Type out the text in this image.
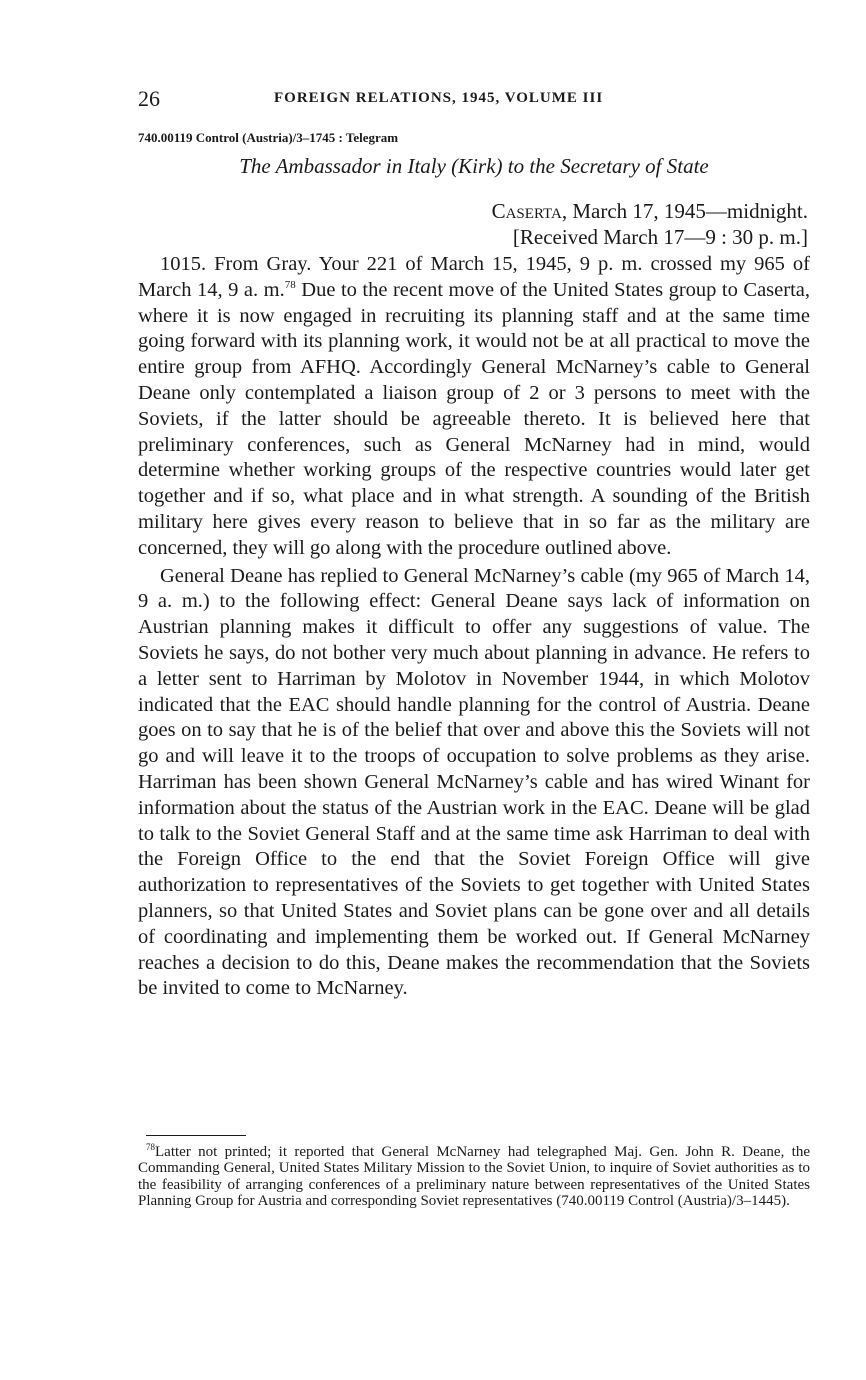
26	FOREIGN RELATIONS, 1945, VOLUME III
740.00119 Control (Austria)/3–1745 : Telegram
The Ambassador in Italy (Kirk) to the Secretary of State
Caserta, March 17, 1945—midnight.
[Received March 17—9 : 30 p. m.]

1015. From Gray. Your 221 of March 15, 1945, 9 p. m. crossed my 965 of March 14, 9 a. m.$^{78}$ Due to the recent move of the United States group to Caserta, where it is now engaged in recruiting its planning staff and at the same time going forward with its planning work, it would not be at all practical to move the entire group from AFHQ. Accordingly General McNarney’s cable to General Deane only contemplated a liaison group of 2 or 3 persons to meet with the Soviets, if the latter should be agreeable thereto. It is believed here that preliminary conferences, such as General McNarney had in mind, would determine whether working groups of the respective countries would later get together and if so, what place and in what strength. A sounding of the British military here gives every reason to believe that in so far as the military are concerned, they will go along with the procedure outlined above.

General Deane has replied to General McNarney’s cable (my 965 of March 14, 9 a. m.) to the following effect: General Deane says lack of information on Austrian planning makes it difficult to offer any suggestions of value. The Soviets he says, do not bother very much about planning in advance. He refers to a letter sent to Harriman by Molotov in November 1944, in which Molotov indicated that the EAC should handle planning for the control of Austria. Deane goes on to say that he is of the belief that over and above this the Soviets will not go and will leave it to the troops of occupation to solve problems as they arise. Harriman has been shown General McNarney’s cable and has wired Winant for information about the status of the Austrian work in the EAC. Deane will be glad to talk to the Soviet General Staff and at the same time ask Harriman to deal with the Foreign Office to the end that the Soviet Foreign Office will give authorization to representatives of the Soviets to get together with United States planners, so that United States and Soviet plans can be gone over and all details of coordinating and implementing them be worked out. If General McNarney reaches a decision to do this, Deane makes the recommendation that the Soviets be invited to come to McNarney.

$^{78}$Latter not printed; it reported that General McNarney had telegraphed Maj. Gen. John R. Deane, the Commanding General, United States Military Mission to the Soviet Union, to inquire of Soviet authorities as to the feasibility of arranging conferences of a preliminary nature between representatives of the United States Planning Group for Austria and corresponding Soviet representatives (740.00119 Control (Austria)/3–1445).
